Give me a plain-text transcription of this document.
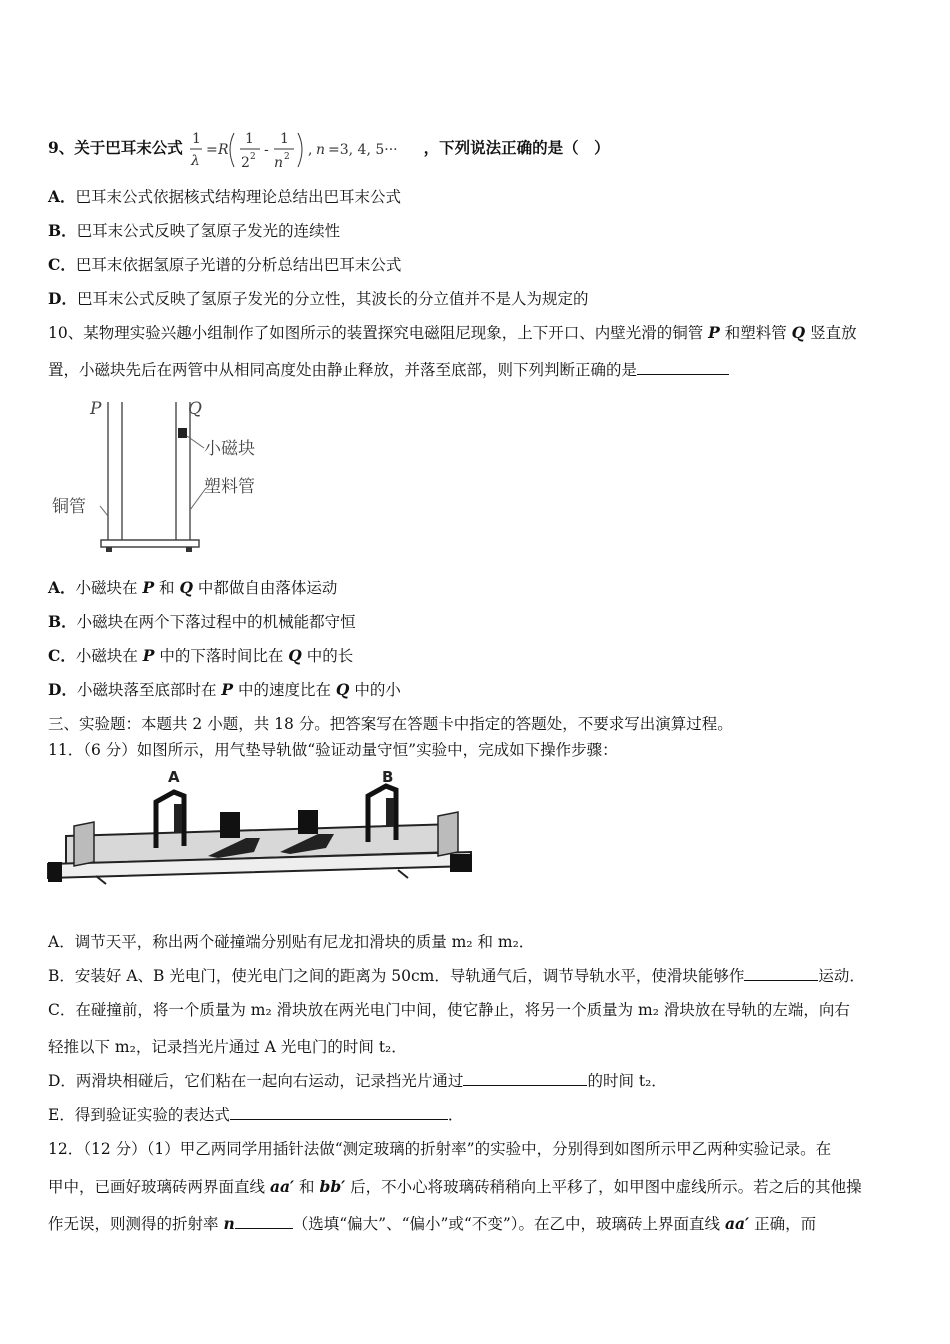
9、关于巴耳末公式 1
λ
= R
1
2 2 -
1
n 2 , n =3, 4, 5··· ，下列说法正确的是（　）
A．巴耳末公式依据核式结构理论总结出巴耳末公式
B．巴耳末公式反映了氢原子发光的连续性
C．巴耳末依据氢原子光谱的分析总结出巴耳末公式
D．巴耳末公式反映了氢原子发光的分立性，其波长的分立值并不是人为规定的
10、某物理实验兴趣小组制作了如图所示的装置探究电磁阻尼现象，上下开口、内壁光滑的铜管 P 和塑料管 Q 竖直放
置，小磁块先后在两管中从相同高度处由静止释放，并落至底部，则下列判断正确的是
P	Q
小磁块
塑料管
铜管
A．小磁块在 P 和 Q 中都做自由落体运动
B．小磁块在两个下落过程中的机械能都守恒
C．小磁块在 P 中的下落时间比在 Q 中的长
D．小磁块落至底部时在 P 中的速度比在 Q 中的小
三、实验题：本题共 2 小题，共 18 分。把答案写在答题卡中指定的答题处，不要求写出演算过程。
11．（6 分）如图所示，用气垫导轨做“验证动量守恒”实验中，完成如下操作步骤：
A	B
A．调节天平，称出两个碰撞端分别贴有尼龙扣滑块的质量 m₂ 和 m₂．
B．安装好 A、B 光电门，使光电门之间的距离为 50cm．导轨通气后，调节导轨水平，使滑块能够作	运动．
C．在碰撞前，将一个质量为 m₂ 滑块放在两光电门中间，使它静止，将另一个质量为 m₂ 滑块放在导轨的左端，向右
轻推以下 m₂，记录挡光片通过 A 光电门的时间 t₂．
D．两滑块相碰后，它们粘在一起向右运动，记录挡光片通过	的时间 t₂．
E．得到验证实验的表达式	．
12．（12 分）（1）甲乙两同学用插针法做“测定玻璃的折射率”的实验中，分别得到如图所示甲乙两种实验记录。在
甲中，已画好玻璃砖两界面直线 aa′ 和 bb′ 后，不小心将玻璃砖稍稍向上平移了，如甲图中虚线所示。若之后的其他操
作无误，则测得的折射率 n	（选填“偏大”、“偏小”或“不变”）。在乙中，玻璃砖上界面直线 aa′ 正确，而
